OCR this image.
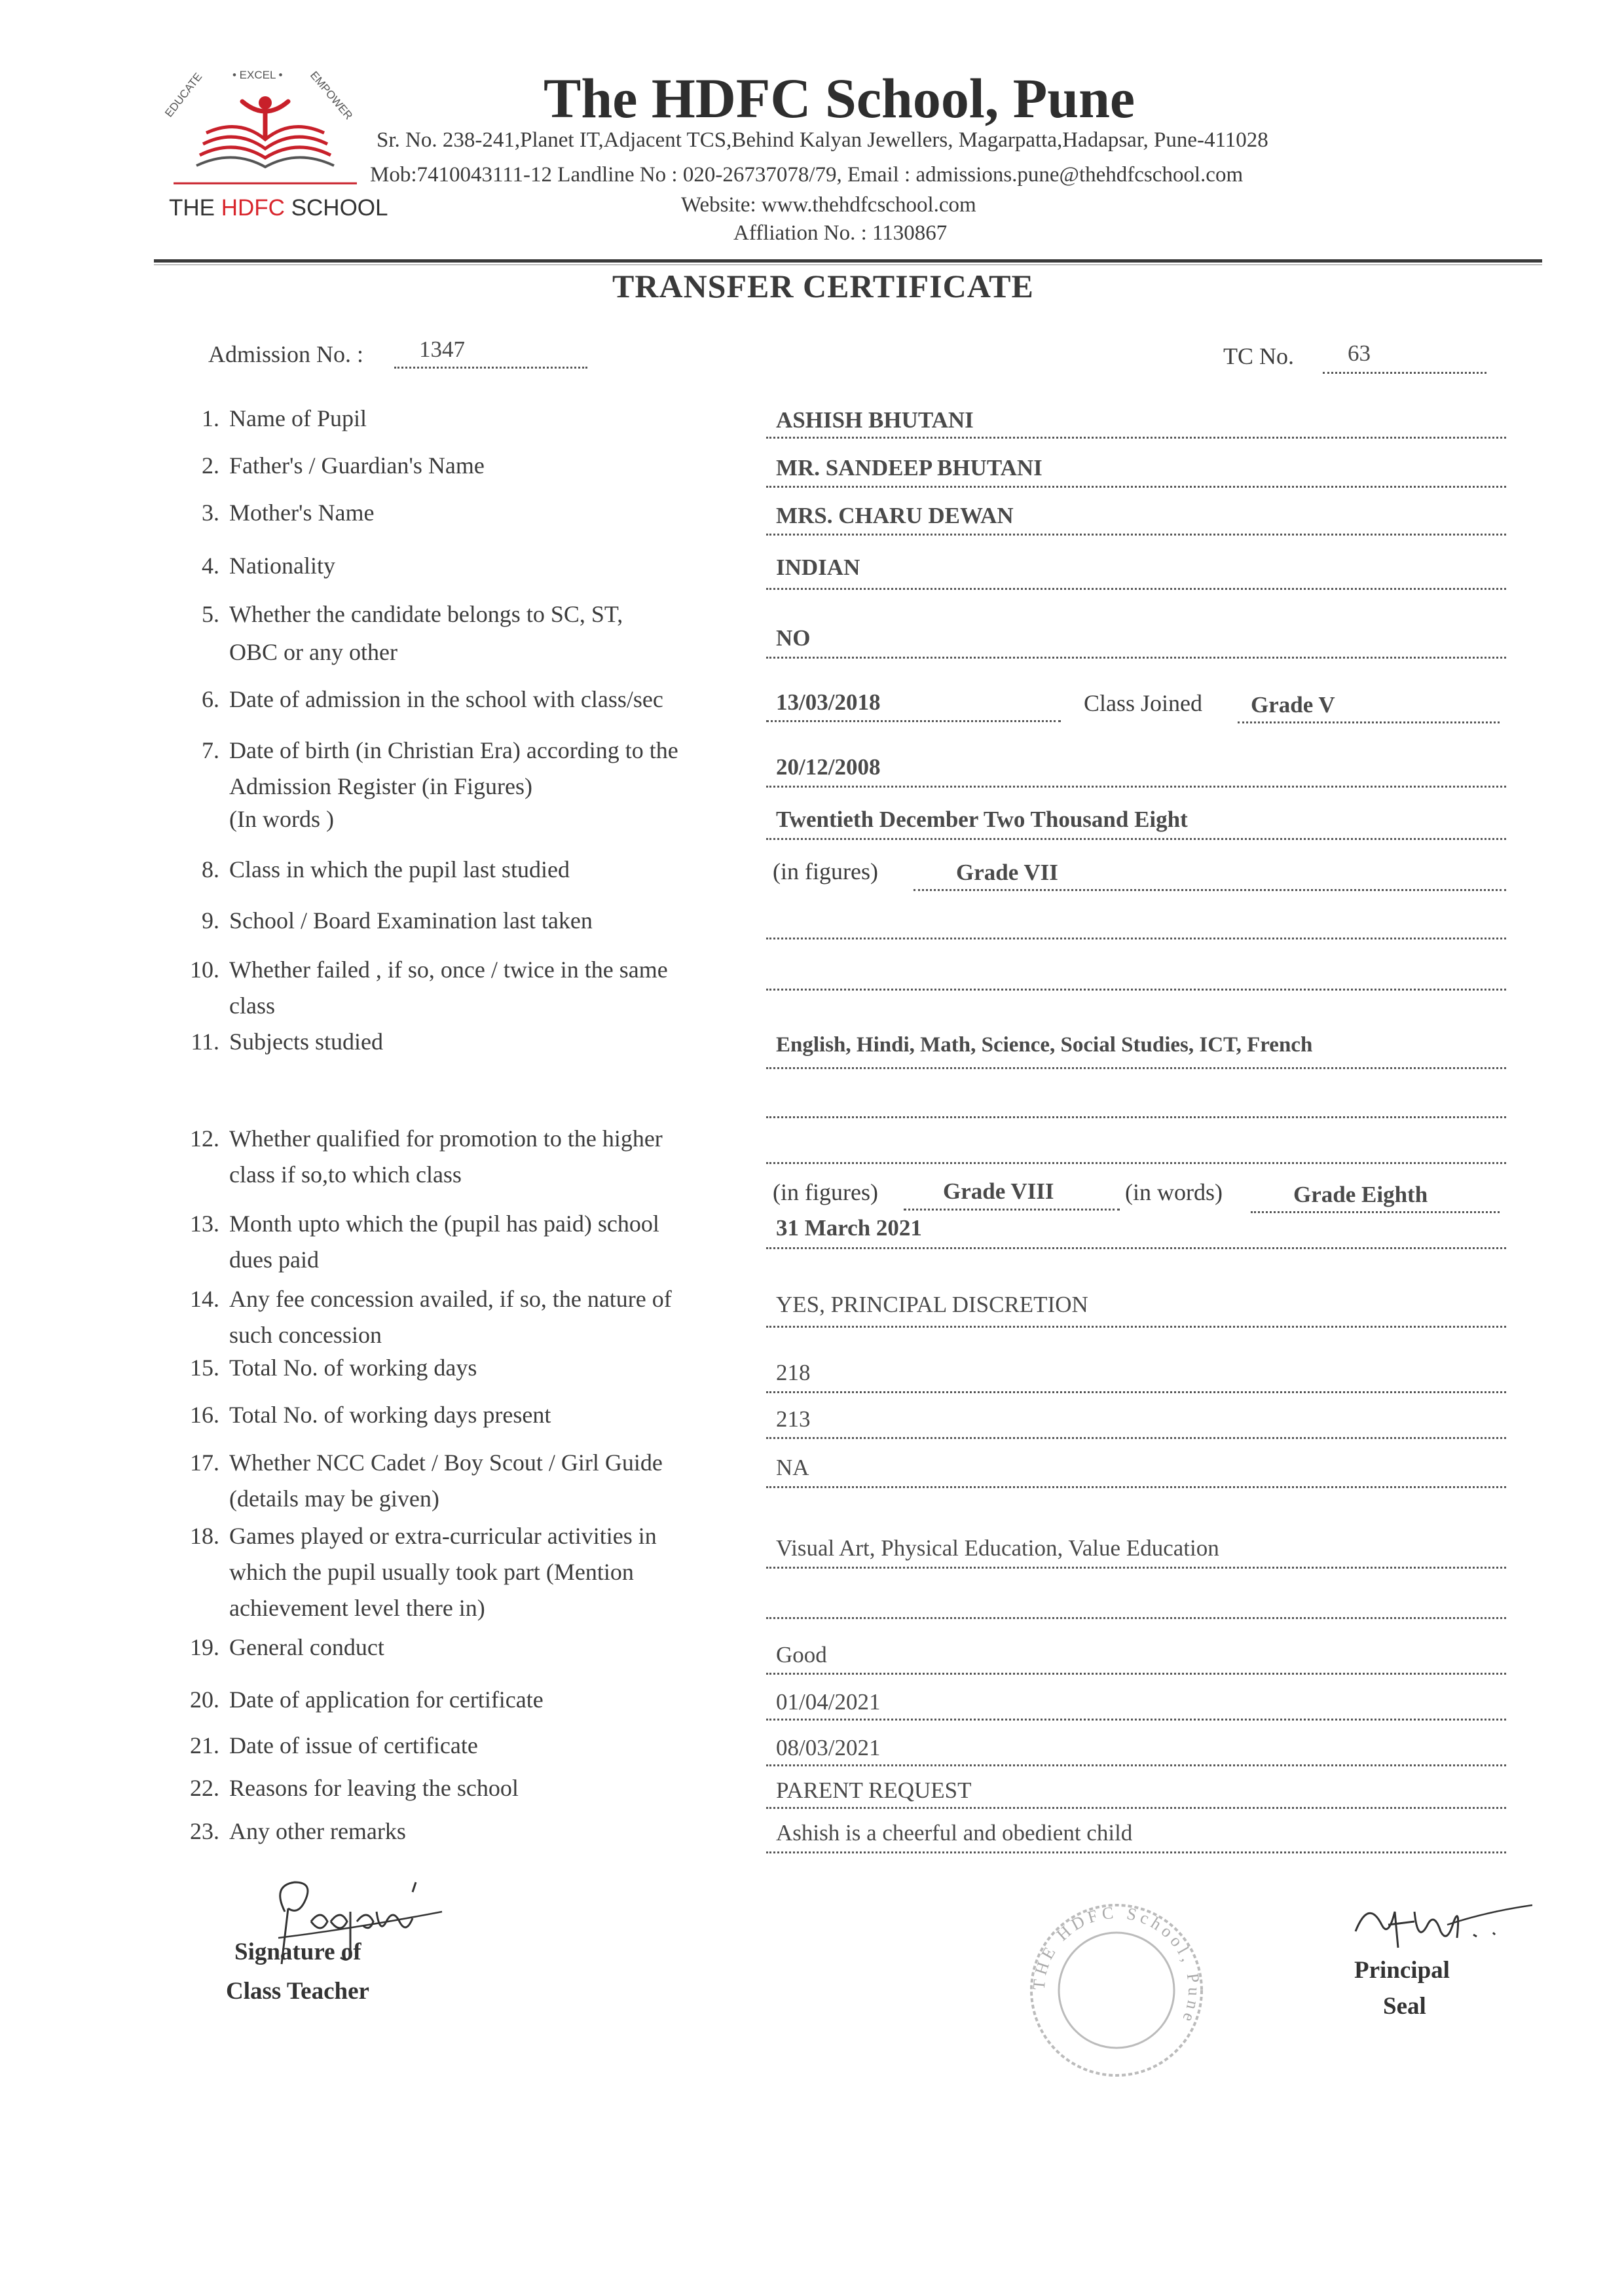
EDUCATE	• EXCEL • EMPOWER
THE HDFC SCHOOL
The HDFC School, Pune
Sr. No. 238-241,Planet IT,Adjacent TCS,Behind Kalyan Jewellers, Magarpatta,Hadapsar, Pune-411028
Mob:7410043111-12 Landline No : 020-26737078/79, Email : admissions.pune@thehdfcschool.com
Website: www.thehdfcschool.com
Affliation No. : 1130867
TRANSFER CERTIFICATE
Admission No. : 1347	TC No. 63
1. Name of Pupil	ASHISH BHUTANI
2. Father's / Guardian's Name	MR. SANDEEP BHUTANI
3. Mother's Name	MRS. CHARU DEWAN
4. Nationality	INDIAN
5. Whether the candidate belongs to SC, ST,
OBC or any other
NO
6. Date of admission in the school with class/sec	13/03/2018	Class Joined Grade V
7. Date of birth (in Christian Era) according to the
Admission Register (in Figures)
(In words )
20/12/2008
Twentieth December Two Thousand Eight
8. Class in which the pupil last studied	(in figures)	Grade VII
9. School / Board Examination last taken
10. Whether failed , if so, once / twice in the same
class
11. Subjects studied	English, Hindi, Math, Science, Social Studies, ICT, French
12. Whether qualified for promotion to the higher
class if so,to which class
(in figures)	Grade VIII	(in words)	Grade Eighth
13. Month upto which the (pupil has paid) school
dues paid
31 March 2021
14. Any fee concession availed, if so, the nature of
such concession
YES, PRINCIPAL DISCRETION
15. Total No. of working days	218
16. Total No. of working days present	213
17. Whether NCC Cadet / Boy Scout / Girl Guide
(details may be given)
NA
18. Games played or extra-curricular activities in
which the pupil usually took part (Mention
achievement level there in)
Visual Art, Physical Education, Value Education
19. General conduct	Good
20. Date of application for certificate	01/04/2021
21. Date of issue of certificate	08/03/2021
22. Reasons for leaving the school	PARENT REQUEST
23. Any other remarks	Ashish is a cheerful and obedient child
Signature of
Class Teacher	THE HDFC School, Pune
Principal
Seal
